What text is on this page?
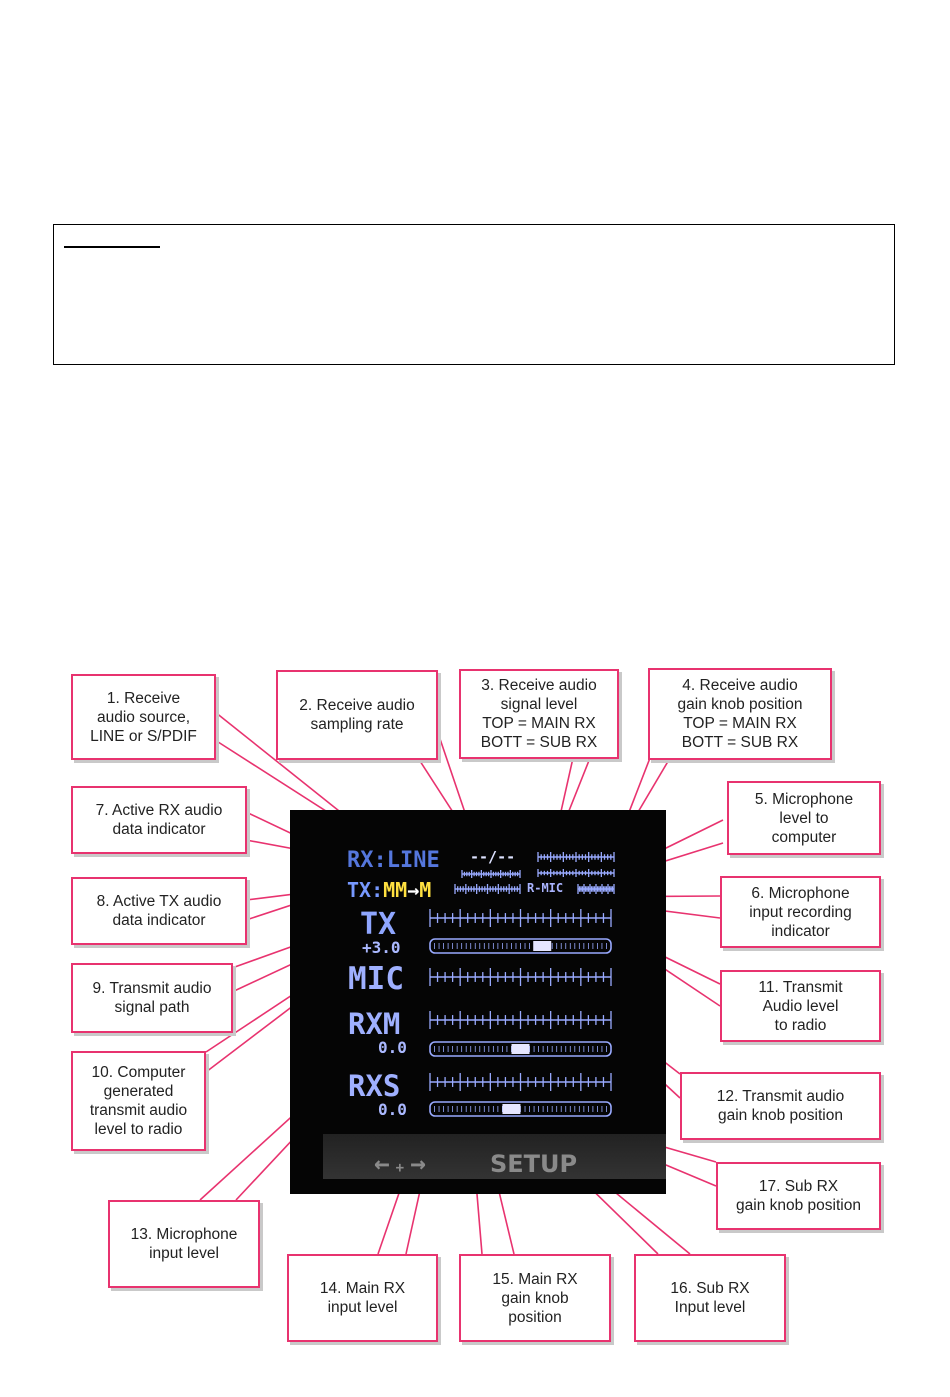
RX:LINE --/--
TX:MM→M	R-MIC
TX
+3.0
MIC
RXM
0.0
RXS
0.0
← + →	SETUP
1. Receive
audio source,
LINE or S/PDIF
2. Receive audio
sampling rate
3. Receive audio
signal level
TOP = MAIN RX
BOTT = SUB RX
4. Receive audio
gain knob position
TOP = MAIN RX
BOTT = SUB RX
5. Microphone
level to
computer
6. Microphone
input recording
indicator
7. Active RX audio
data indicator
8. Active TX audio
data indicator
9. Transmit audio
signal path
10. Computer
generated
transmit audio
level to radio
11. Transmit
Audio level
to radio
12. Transmit audio
gain knob position
13. Microphone
input level
14. Main RX
input level
15. Main RX
gain knob
position
16. Sub RX
Input level
17. Sub RX
gain knob position
